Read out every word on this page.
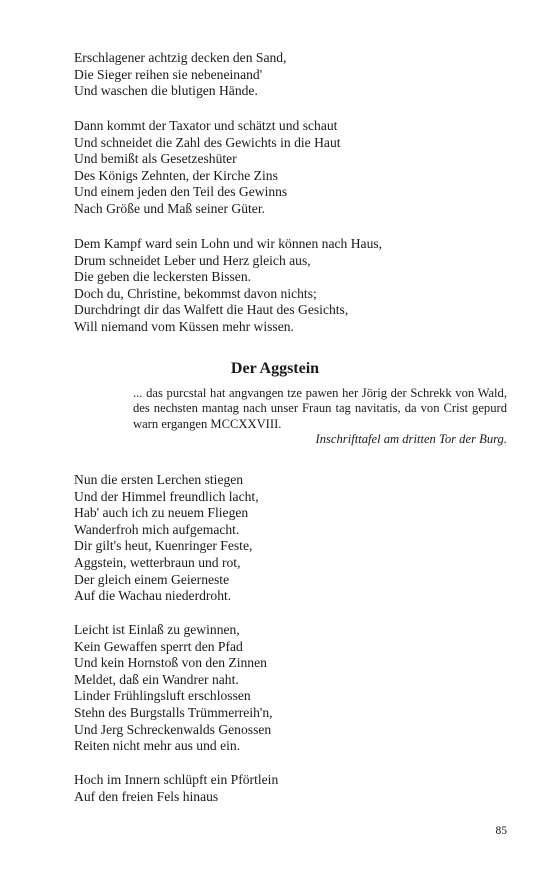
Erschlagener achtzig decken den Sand,
Die Sieger reihen sie nebeneinand'
Und waschen die blutigen Hände.
Dann kommt der Taxator und schätzt und schaut
Und schneidet die Zahl des Gewichts in die Haut
Und bemißt als Gesetzeshüter
Des Königs Zehnten, der Kirche Zins
Und einem jeden den Teil des Gewinns
Nach Größe und Maß seiner Güter.
Dem Kampf ward sein Lohn und wir können nach Haus,
Drum schneidet Leber und Herz gleich aus,
Die geben die leckersten Bissen.
Doch du, Christine, bekommst davon nichts;
Durchdringt dir das Walfett die Haut des Gesichts,
Will niemand vom Küssen mehr wissen.
Der Aggstein
... das purcstal hat angvangen tze pawen her Jörig der Schrekk von Wald, des nechsten mantag nach unser Fraun tag navitatis, da von Crist gepurd warn ergangen MCCXXVIII.
Inschrifttafel am dritten Tor der Burg.
Nun die ersten Lerchen stiegen
Und der Himmel freundlich lacht,
Hab' auch ich zu neuem Fliegen
Wanderfroh mich aufgemacht.
Dir gilt's heut, Kuenringer Feste,
Aggstein, wetterbraun und rot,
Der gleich einem Geierneste
Auf die Wachau niederdroht.
Leicht ist Einlaß zu gewinnen,
Kein Gewaffen sperrt den Pfad
Und kein Hornstoß von den Zinnen
Meldet, daß ein Wandrer naht.
Linder Frühlingsluft erschlossen
Stehn des Burgstalls Trümmerreih'n,
Und Jerg Schreckenwalds Genossen
Reiten nicht mehr aus und ein.
Hoch im Innern schlüpft ein Pförtlein
Auf den freien Fels hinaus
85
